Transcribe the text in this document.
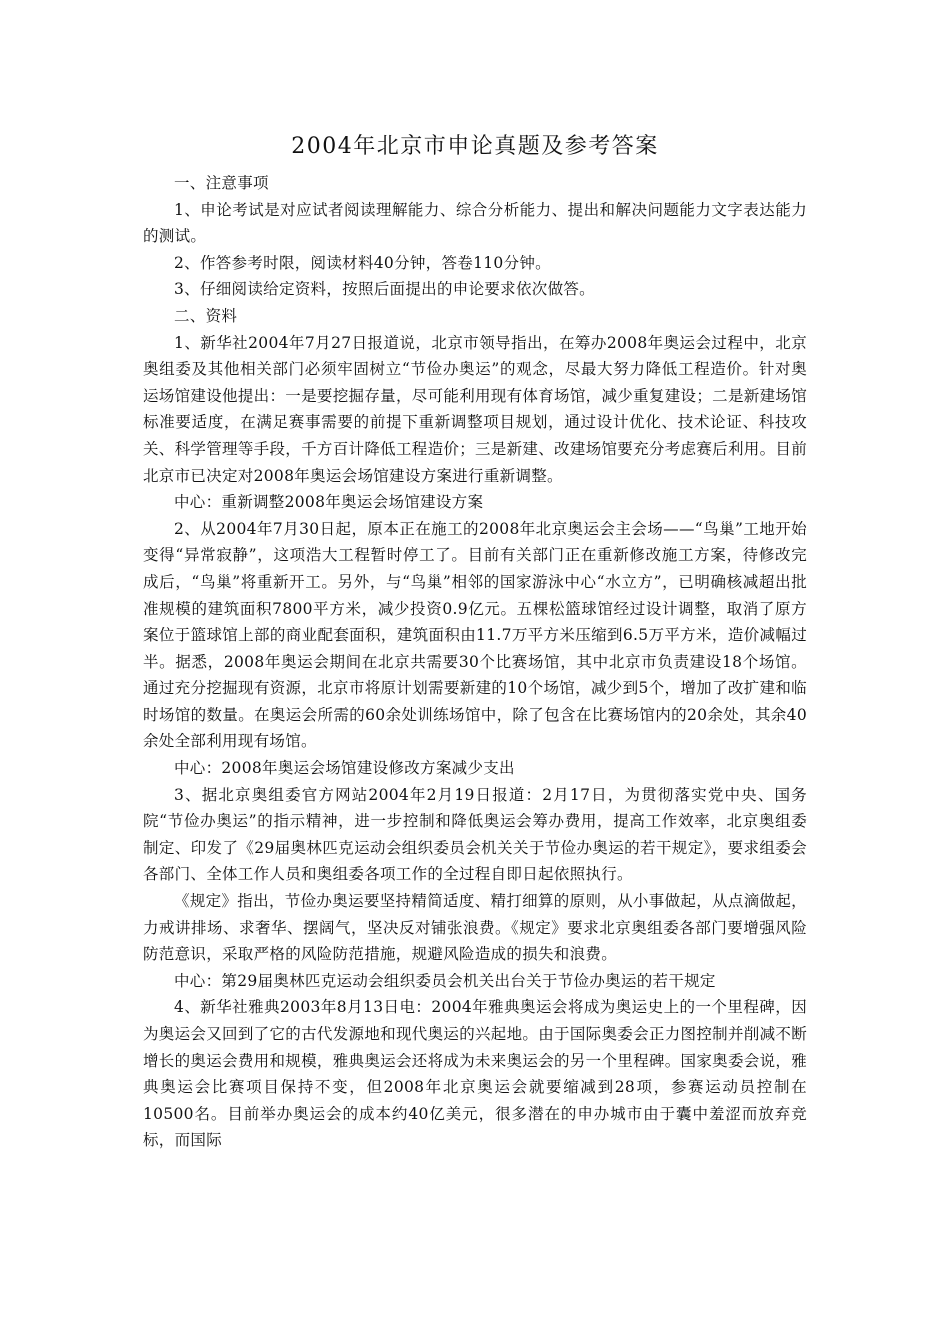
2004年北京市申论真题及参考答案

一、注意事项

1、申论考试是对应试者阅读理解能力、综合分析能力、提出和解决问题能力文字表达能力的测试。

2、作答参考时限，阅读材料40分钟，答卷110分钟。

3、仔细阅读给定资料，按照后面提出的申论要求依次做答。

二、资料

1、新华社2004年7月27日报道说，北京市领导指出，在筹办2008年奥运会过程中，北京奥组委及其他相关部门必须牢固树立“节俭办奥运”的观念，尽最大努力降低工程造价。针对奥运场馆建设他提出：一是要挖掘存量，尽可能利用现有体育场馆，减少重复建设；二是新建场馆标准要适度，在满足赛事需要的前提下重新调整项目规划，通过设计优化、技术论证、科技攻关、科学管理等手段，千方百计降低工程造价；三是新建、改建场馆要充分考虑赛后利用。目前北京市已决定对2008年奥运会场馆建设方案进行重新调整。

中心：重新调整2008年奥运会场馆建设方案

2、从2004年7月30日起，原本正在施工的2008年北京奥运会主会场——“鸟巢”工地开始变得“异常寂静”，这项浩大工程暂时停工了。目前有关部门正在重新修改施工方案，待修改完成后，“鸟巢”将重新开工。另外，与“鸟巢”相邻的国家游泳中心“水立方”，已明确核减超出批准规模的建筑面积7800平方米，减少投资0.9亿元。五棵松篮球馆经过设计调整，取消了原方案位于篮球馆上部的商业配套面积，建筑面积由11.7万平方米压缩到6.5万平方米，造价减幅过半。据悉，2008年奥运会期间在北京共需要30个比赛场馆，其中北京市负责建设18个场馆。通过充分挖掘现有资源，北京市将原计划需要新建的10个场馆，减少到5个，增加了改扩建和临时场馆的数量。在奥运会所需的60余处训练场馆中，除了包含在比赛场馆内的20余处，其余40余处全部利用现有场馆。

中心：2008年奥运会场馆建设修改方案减少支出

3、据北京奥组委官方网站2004年2月19日报道：2月17日，为贯彻落实党中央、国务院“节俭办奥运”的指示精神，进一步控制和降低奥运会筹办费用，提高工作效率，北京奥组委制定、印发了《29届奥林匹克运动会组织委员会机关关于节俭办奥运的若干规定》，要求组委会各部门、全体工作人员和奥组委各项工作的全过程自即日起依照执行。

《规定》指出，节俭办奥运要坚持精简适度、精打细算的原则，从小事做起，从点滴做起，力戒讲排场、求奢华、摆阔气，坚决反对铺张浪费。《规定》要求北京奥组委各部门要增强风险防范意识，采取严格的风险防范措施，规避风险造成的损失和浪费。

中心：第29届奥林匹克运动会组织委员会机关出台关于节俭办奥运的若干规定

4、新华社雅典2003年8月13日电：2004年雅典奥运会将成为奥运史上的一个里程碑，因为奥运会又回到了它的古代发源地和现代奥运的兴起地。由于国际奥委会正力图控制并削减不断增长的奥运会费用和规模，雅典奥运会还将成为未来奥运会的另一个里程碑。国家奥委会说，雅典奥运会比赛项目保持不变，但2008年北京奥运会就要缩减到28项，参赛运动员控制在10500名。目前举办奥运会的成本约40亿美元，很多潜在的申办城市由于囊中羞涩而放弃竞标，而国际
